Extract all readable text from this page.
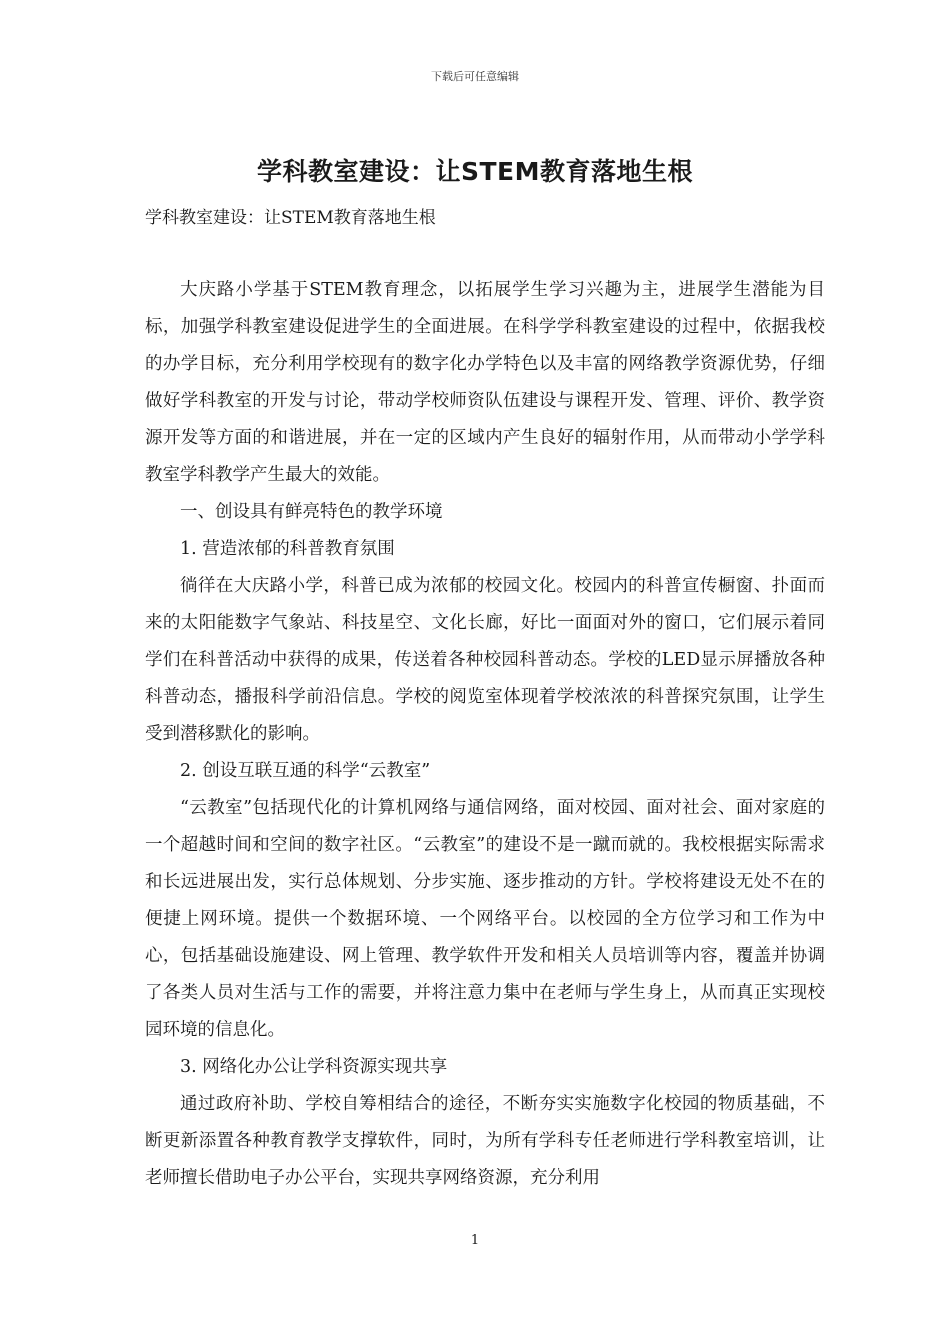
下载后可任意编辑
学科教室建设：让STEM教育落地生根
学科教室建设：让STEM教育落地生根

大庆路小学基于STEM教育理念，以拓展学生学习兴趣为主，进展学生潜能为目标，加强学科教室建设促进学生的全面进展。在科学学科教室建设的过程中，依据我校的办学目标，充分利用学校现有的数字化办学特色以及丰富的网络教学资源优势，仔细做好学科教室的开发与讨论，带动学校师资队伍建设与课程开发、管理、评价、教学资源开发等方面的和谐进展，并在一定的区域内产生良好的辐射作用，从而带动小学学科教室学科教学产生最大的效能。

一、创设具有鲜亮特色的教学环境

1. 营造浓郁的科普教育氛围

徜徉在大庆路小学，科普已成为浓郁的校园文化。校园内的科普宣传橱窗、扑面而来的太阳能数字气象站、科技星空、文化长廊，好比一面面对外的窗口，它们展示着同学们在科普活动中获得的成果，传送着各种校园科普动态。学校的LED显示屏播放各种科普动态，播报科学前沿信息。学校的阅览室体现着学校浓浓的科普探究氛围，让学生受到潜移默化的影响。

2. 创设互联互通的科学“云教室”

“云教室”包括现代化的计算机网络与通信网络，面对校园、面对社会、面对家庭的一个超越时间和空间的数字社区。“云教室”的建设不是一蹴而就的。我校根据实际需求和长远进展出发，实行总体规划、分步实施、逐步推动的方针。学校将建设无处不在的便捷上网环境。提供一个数据环境、一个网络平台。以校园的全方位学习和工作为中心，包括基础设施建设、网上管理、教学软件开发和相关人员培训等内容，覆盖并协调了各类人员对生活与工作的需要，并将注意力集中在老师与学生身上，从而真正实现校园环境的信息化。

3. 网络化办公让学科资源实现共享

通过政府补助、学校自筹相结合的途径，不断夯实实施数字化校园的物质基础，不断更新添置各种教育教学支撑软件，同时，为所有学科专任老师进行学科教室培训，让老师擅长借助电子办公平台，实现共享网络资源，充分利用

1
